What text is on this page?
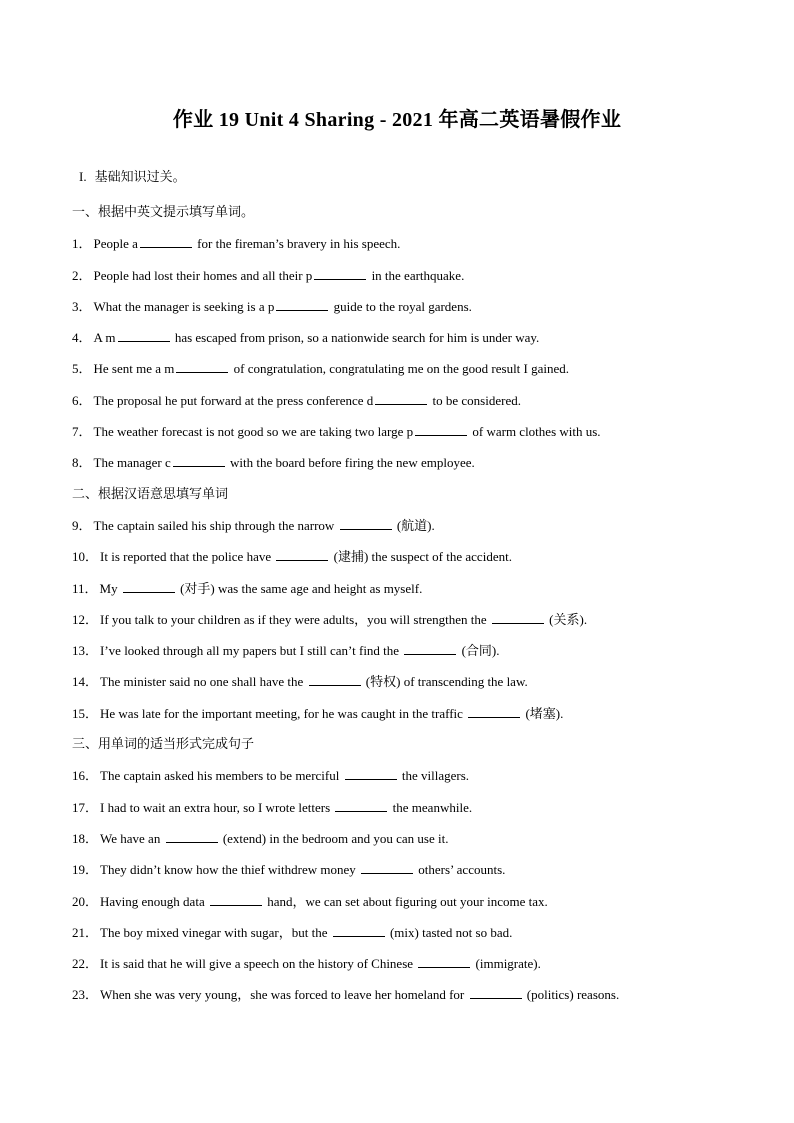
作业 19 Unit 4 Sharing - 2021 年高二英语暑假作业
I. 基础知识过关。
一、根据中英文提示填写单词。
1． People a	for the fireman’s bravery in his speech.
2． People had lost their homes and all their p	in the earthquake.
3． What the manager is seeking is a p	guide to the royal gardens.
4． A m	has escaped from prison, so a nationwide search for him is under way.
5． He sent me a m	of congratulation, congratulating me on the good result I gained.
6． The proposal he put forward at the press conference d	to be considered.
7． The weather forecast is not good so we are taking two large p	of warm clothes with us.
8． The manager c	with the board before firing the new employee.
二、根据汉语意思填写单词
9． The captain sailed his ship through the narrow	(航道).
10． It is reported that the police have	(逮捕) the suspect of the accident.
11． My	(对手) was the same age and height as myself.
12． If you talk to your children as if they were adults，you will strengthen the	(关系).
13． I’ve looked through all my papers but I still can’t find the	(合同).
14． The minister said no one shall have the	(特权) of transcending the law.
15． He was late for the important meeting, for he was caught in the traffic	(堵塞).
三、用单词的适当形式完成句子
16． The captain asked his members to be merciful	the villagers.
17． I had to wait an extra hour, so I wrote letters	the meanwhile.
18． We have an	(extend) in the bedroom and you can use it.
19． They didn’t know how the thief withdrew money	others’ accounts.
20． Having enough data	hand，we can set about figuring out your income tax.
21． The boy mixed vinegar with sugar，but the	(mix) tasted not so bad.
22． It is said that he will give a speech on the history of Chinese	(immigrate).
23． When she was very young，she was forced to leave her homeland for	(politics) reasons.
